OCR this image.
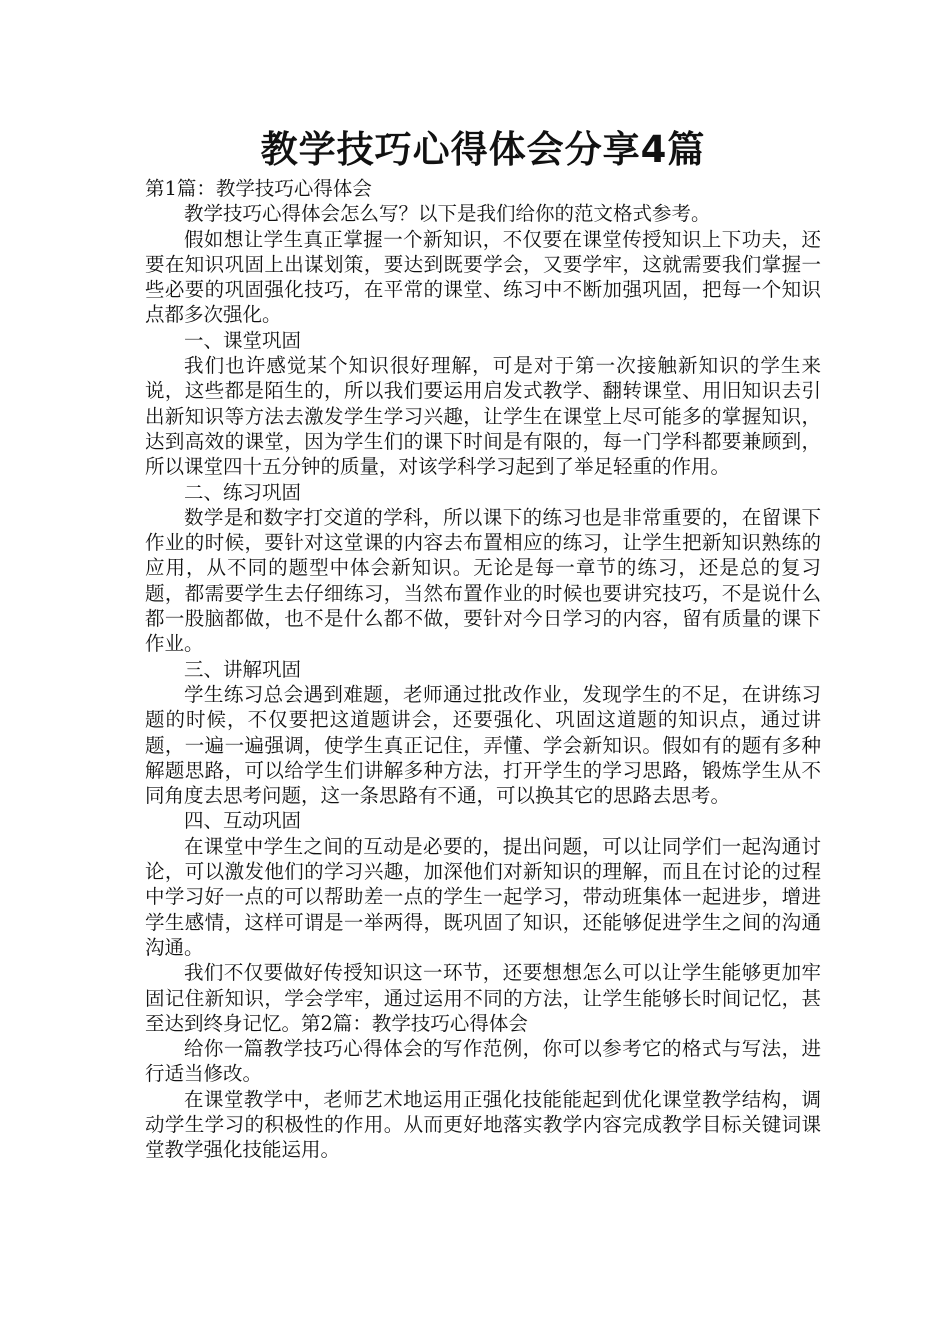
教学技巧心得体会分享4篇

第1篇：教学技巧心得体会

教学技巧心得体会怎么写？以下是我们给你的范文格式参考。

假如想让学生真正掌握一个新知识，不仅要在课堂传授知识上下功夫，还要在知识巩固上出谋划策，要达到既要学会，又要学牢，这就需要我们掌握一些必要的巩固强化技巧，在平常的课堂、练习中不断加强巩固，把每一个知识点都多次强化。

一、课堂巩固

我们也许感觉某个知识很好理解，可是对于第一次接触新知识的学生来说，这些都是陌生的，所以我们要运用启发式教学、翻转课堂、用旧知识去引出新知识等方法去激发学生学习兴趣，让学生在课堂上尽可能多的掌握知识，达到高效的课堂，因为学生们的课下时间是有限的，每一门学科都要兼顾到，所以课堂四十五分钟的质量，对该学科学习起到了举足轻重的作用。

二、练习巩固

数学是和数字打交道的学科，所以课下的练习也是非常重要的，在留课下作业的时候，要针对这堂课的内容去布置相应的练习，让学生把新知识熟练的应用，从不同的题型中体会新知识。无论是每一章节的练习，还是总的复习题，都需要学生去仔细练习，当然布置作业的时候也要讲究技巧，不是说什么都一股脑都做，也不是什么都不做，要针对今日学习的内容，留有质量的课下作业。

三、讲解巩固

学生练习总会遇到难题，老师通过批改作业，发现学生的不足，在讲练习题的时候，不仅要把这道题讲会，还要强化、巩固这道题的知识点，通过讲题，一遍一遍强调，使学生真正记住，弄懂、学会新知识。假如有的题有多种解题思路，可以给学生们讲解多种方法，打开学生的学习思路，锻炼学生从不同角度去思考问题，这一条思路有不通，可以换其它的思路去思考。

四、互动巩固

在课堂中学生之间的互动是必要的，提出问题，可以让同学们一起沟通讨论，可以激发他们的学习兴趣，加深他们对新知识的理解，而且在讨论的过程中学习好一点的可以帮助差一点的学生一起学习，带动班集体一起进步，增进学生感情，这样可谓是一举两得，既巩固了知识，还能够促进学生之间的沟通沟通。

我们不仅要做好传授知识这一环节，还要想想怎么可以让学生能够更加牢固记住新知识，学会学牢，通过运用不同的方法，让学生能够长时间记忆，甚至达到终身记忆。第2篇：教学技巧心得体会

给你一篇教学技巧心得体会的写作范例，你可以参考它的格式与写法，进行适当修改。

在课堂教学中，老师艺术地运用正强化技能能起到优化课堂教学结构，调动学生学习的积极性的作用。从而更好地落实教学内容完成教学目标关键词课堂教学强化技能运用。
